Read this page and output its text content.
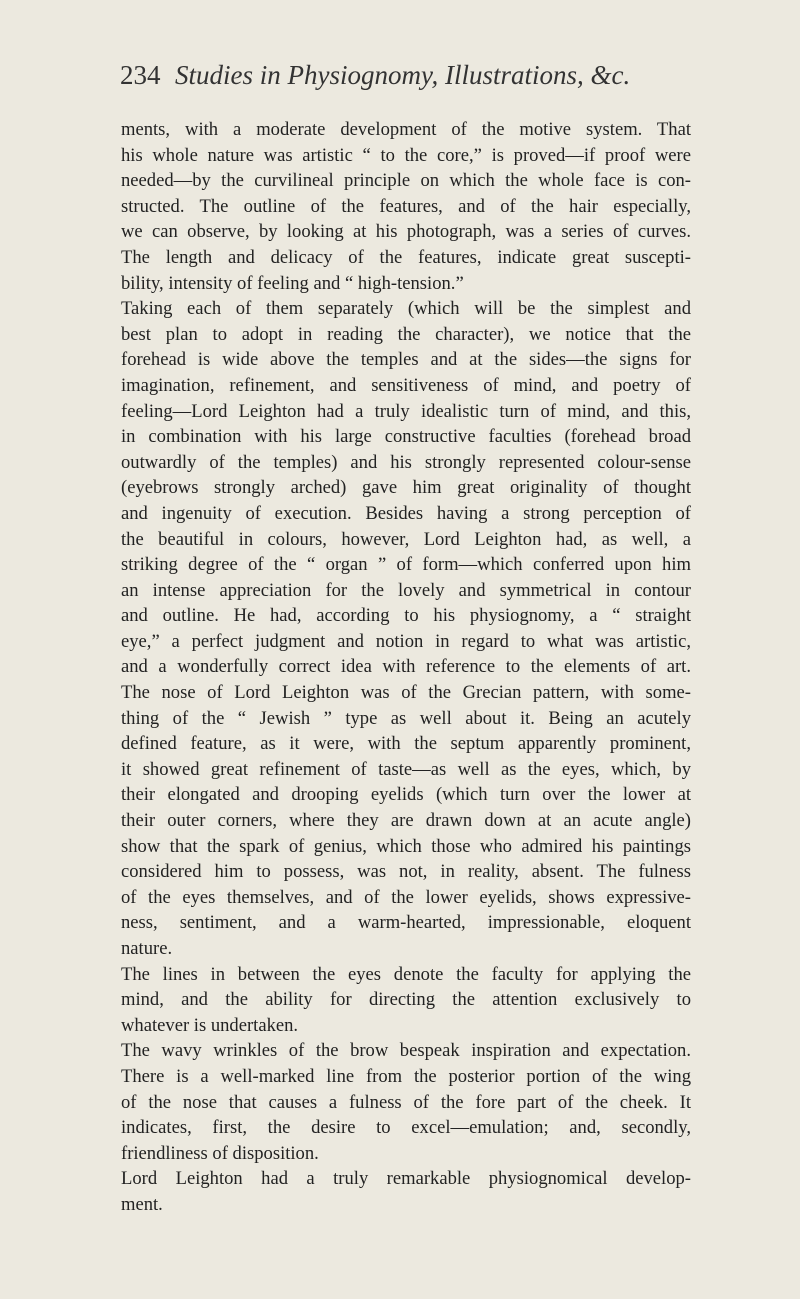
234 Studies in Physiognomy, Illustrations, &c.
ments, with a moderate development of the motive system. That
his whole nature was artistic “ to the core,” is proved—if proof were
needed—by the curvilineal principle on which the whole face is con-
structed. The outline of the features, and of the hair especially,
we can observe, by looking at his photograph, was a series of curves.
The length and delicacy of the features, indicate great suscepti-
bility, intensity of feeling and “ high-tension.”
Taking each of them separately (which will be the simplest and
best plan to adopt in reading the character), we notice that the
forehead is wide above the temples and at the sides—the signs for
imagination, refinement, and sensitiveness of mind, and poetry of
feeling—Lord Leighton had a truly idealistic turn of mind, and this,
in combination with his large constructive faculties (forehead broad
outwardly of the temples) and his strongly represented colour-sense
(eyebrows strongly arched) gave him great originality of thought
and ingenuity of execution. Besides having a strong perception of
the beautiful in colours, however, Lord Leighton had, as well, a
striking degree of the “ organ ” of form—which conferred upon him
an intense appreciation for the lovely and symmetrical in contour
and outline. He had, according to his physiognomy, a “ straight
eye,” a perfect judgment and notion in regard to what was artistic,
and a wonderfully correct idea with reference to the elements of art.
The nose of Lord Leighton was of the Grecian pattern, with some-
thing of the “ Jewish ” type as well about it. Being an acutely
defined feature, as it were, with the septum apparently prominent,
it showed great refinement of taste—as well as the eyes, which, by
their elongated and drooping eyelids (which turn over the lower at
their outer corners, where they are drawn down at an acute angle)
show that the spark of genius, which those who admired his paintings
considered him to possess, was not, in reality, absent. The fulness
of the eyes themselves, and of the lower eyelids, shows expressive-
ness, sentiment, and a warm-hearted, impressionable, eloquent
nature.
The lines in between the eyes denote the faculty for applying the
mind, and the ability for directing the attention exclusively to
whatever is undertaken.
The wavy wrinkles of the brow bespeak inspiration and expectation.
There is a well-marked line from the posterior portion of the wing
of the nose that causes a fulness of the fore part of the cheek. It
indicates, first, the desire to excel—emulation; and, secondly,
friendliness of disposition.
Lord Leighton had a truly remarkable physiognomical develop-
ment.
